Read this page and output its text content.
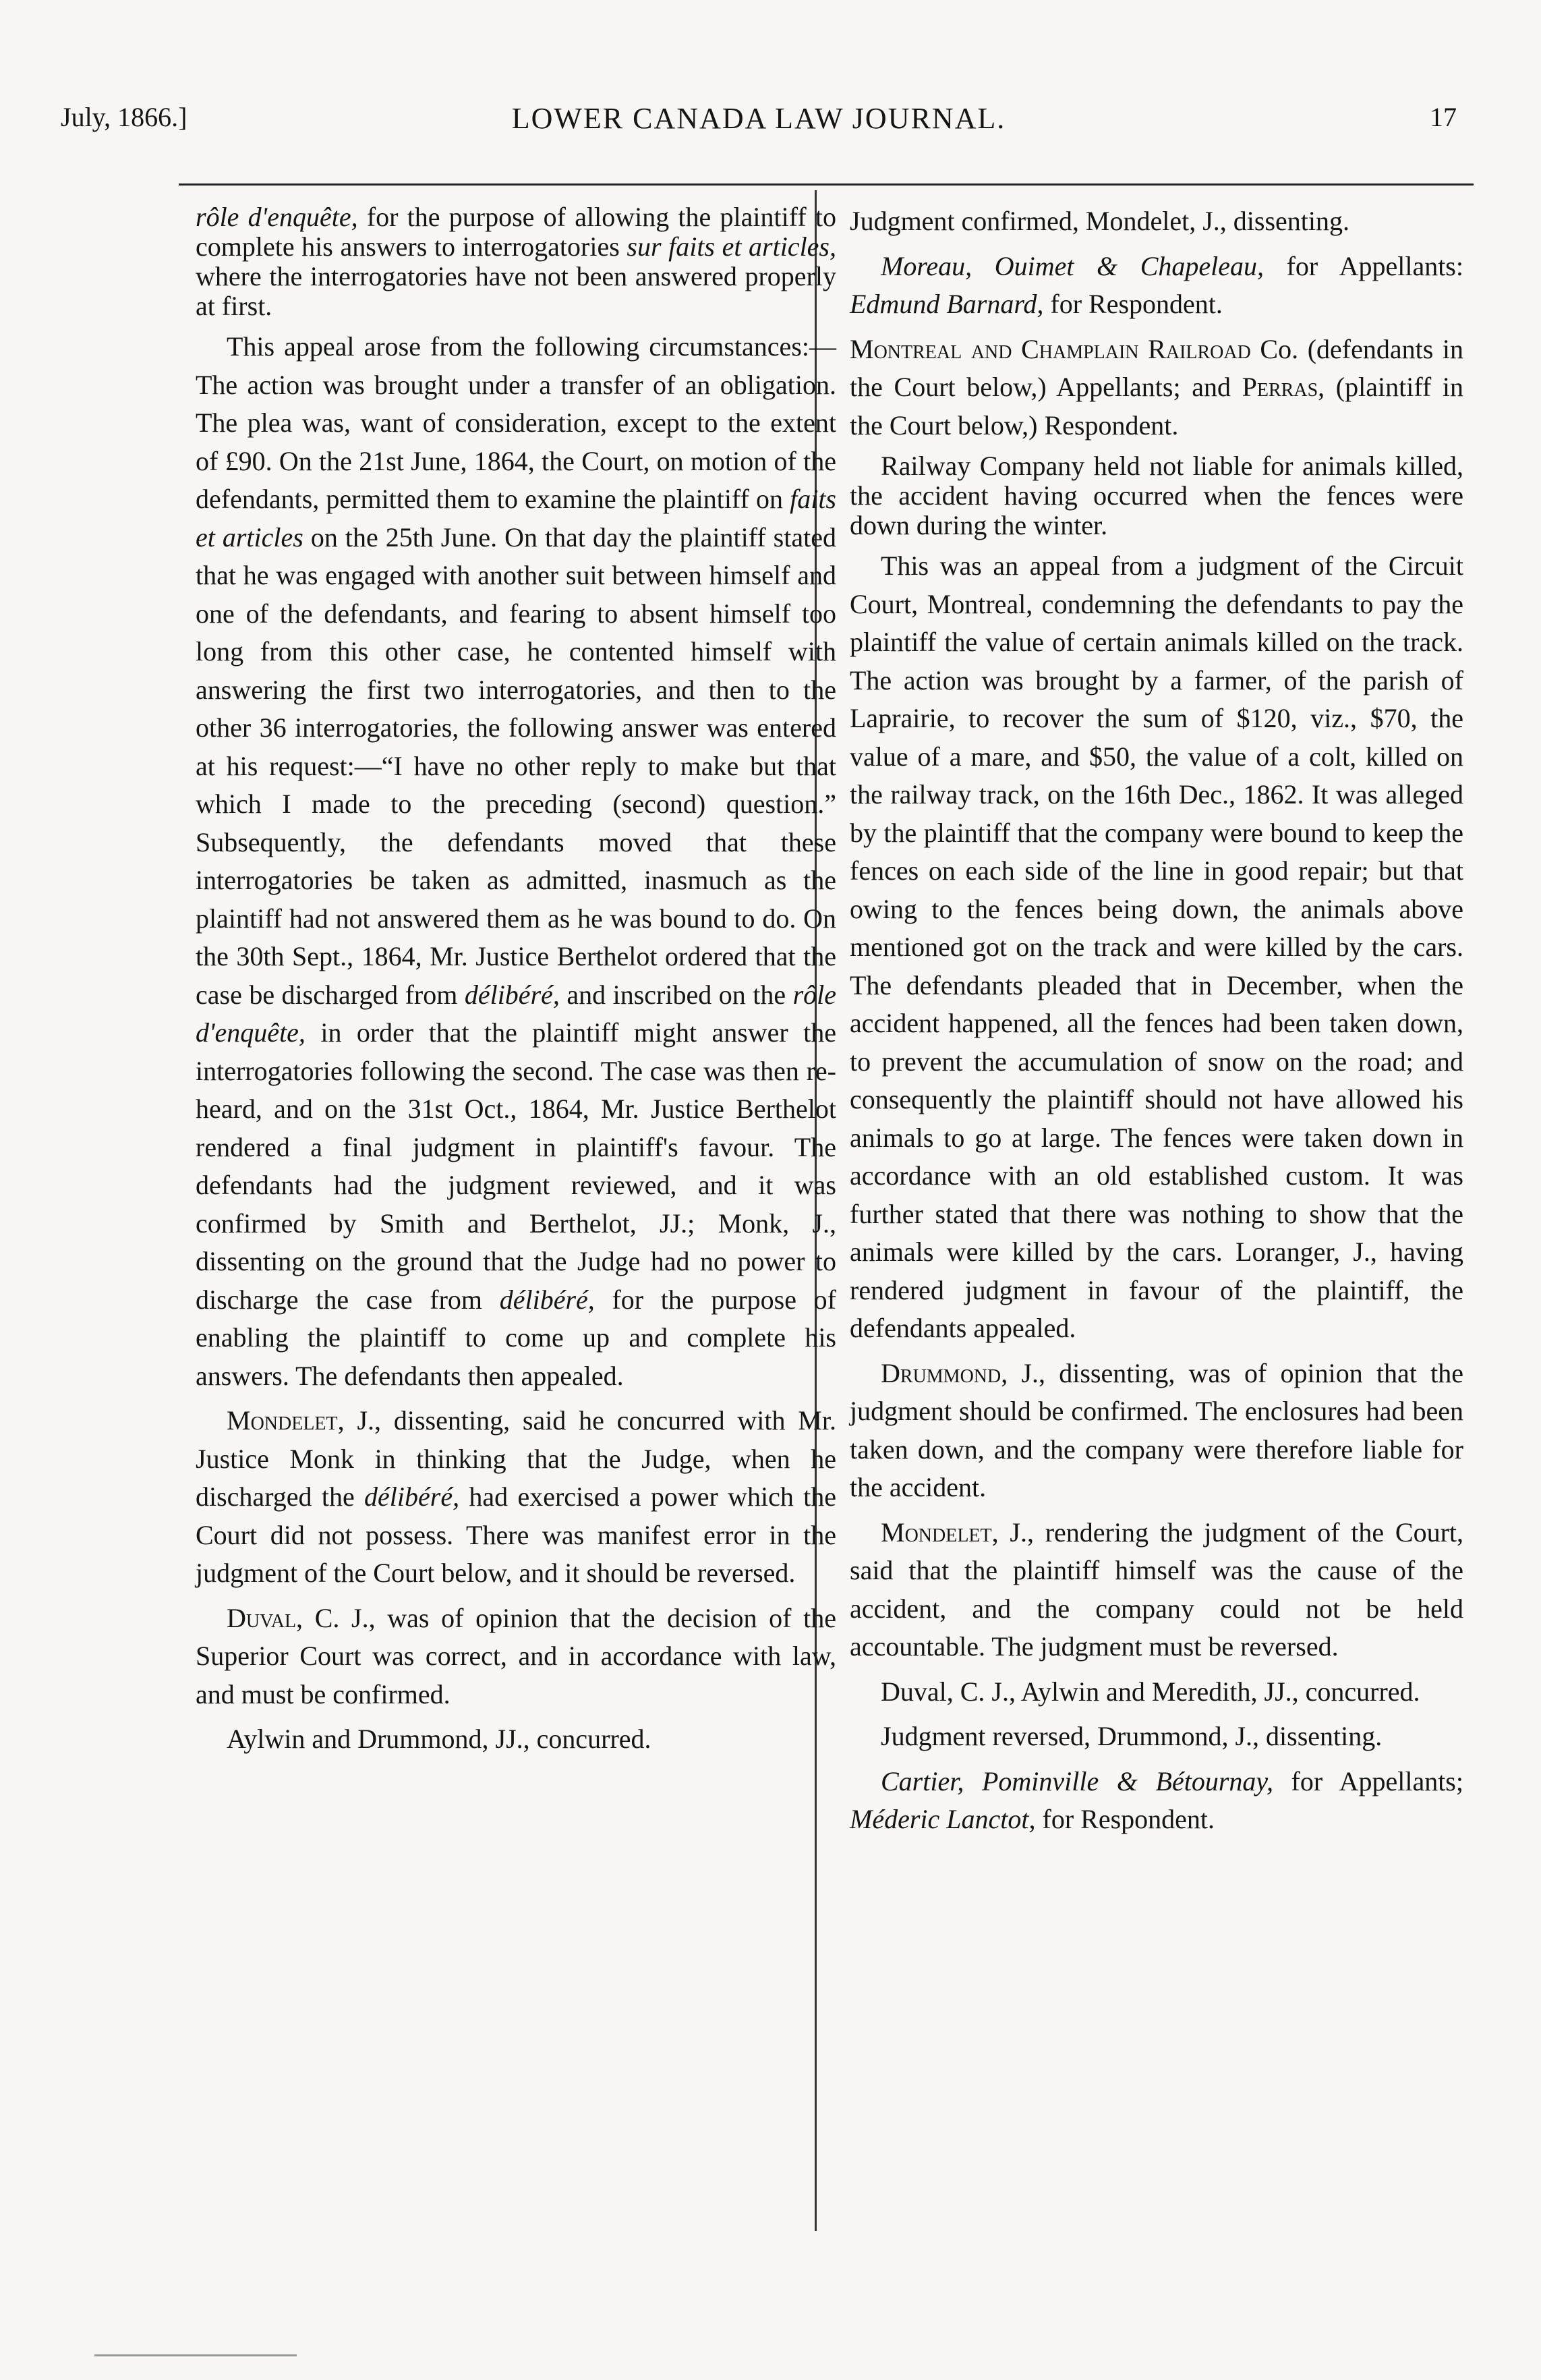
July, 1866.]	LOWER CANADA LAW JOURNAL.	17

rôle d'enquête, for the purpose of allowing the plaintiff to complete his answers to interrogatories sur faits et articles, where the interrogatories have not been answered properly at first.

This appeal arose from the following circumstances:—The action was brought under a transfer of an obligation. The plea was, want of consideration, except to the extent of £90. On the 21st June, 1864, the Court, on motion of the defendants, permitted them to examine the plaintiff on faits et articles on the 25th June. On that day the plaintiff stated that he was engaged with another suit between himself and one of the defendants, and fearing to absent himself too long from this other case, he contented himself with answering the first two interrogatories, and then to the other 36 interrogatories, the following answer was entered at his request:—“I have no other reply to make but that which I made to the preceding (second) question.” Subsequently, the defendants moved that these interrogatories be taken as admitted, inasmuch as the plaintiff had not answered them as he was bound to do. On the 30th Sept., 1864, Mr. Justice Berthelot ordered that the case be discharged from délibéré, and inscribed on the rôle d'enquête, in order that the plaintiff might answer the interrogatories following the second. The case was then re-heard, and on the 31st Oct., 1864, Mr. Justice Berthelot rendered a final judgment in plaintiff's favour. The defendants had the judgment reviewed, and it was confirmed by Smith and Berthelot, JJ.; Monk, J., dissenting on the ground that the Judge had no power to discharge the case from délibéré, for the purpose of enabling the plaintiff to come up and complete his answers. The defendants then appealed.

Mondelet, J., dissenting, said he concurred with Mr. Justice Monk in thinking that the Judge, when he discharged the délibéré, had exercised a power which the Court did not possess. There was manifest error in the judgment of the Court below, and it should be reversed.

Duval, C. J., was of opinion that the decision of the Superior Court was correct, and in accordance with law, and must be confirmed.

Aylwin and Drummond, JJ., concurred.

Judgment confirmed, Mondelet, J., dissenting.

Moreau, Ouimet & Chapeleau, for Appellants: Edmund Barnard, for Respondent.

Montreal and Champlain Railroad Co. (defendants in the Court below,) Appellants; and Perras, (plaintiff in the Court below,) Respondent.

Railway Company held not liable for animals killed, the accident having occurred when the fences were down during the winter.

This was an appeal from a judgment of the Circuit Court, Montreal, condemning the defendants to pay the plaintiff the value of certain animals killed on the track. The action was brought by a farmer, of the parish of Laprairie, to recover the sum of $120, viz., $70, the value of a mare, and $50, the value of a colt, killed on the railway track, on the 16th Dec., 1862. It was alleged by the plaintiff that the company were bound to keep the fences on each side of the line in good repair; but that owing to the fences being down, the animals above mentioned got on the track and were killed by the cars. The defendants pleaded that in December, when the accident happened, all the fences had been taken down, to prevent the accumulation of snow on the road; and consequently the plaintiff should not have allowed his animals to go at large. The fences were taken down in accordance with an old established custom. It was further stated that there was nothing to show that the animals were killed by the cars. Loranger, J., having rendered judgment in favour of the plaintiff, the defendants appealed.

Drummond, J., dissenting, was of opinion that the judgment should be confirmed. The enclosures had been taken down, and the company were therefore liable for the accident.

Mondelet, J., rendering the judgment of the Court, said that the plaintiff himself was the cause of the accident, and the company could not be held accountable. The judgment must be reversed.

Duval, C. J., Aylwin and Meredith, JJ., concurred.

Judgment reversed, Drummond, J., dissenting.

Cartier, Pominville & Bétournay, for Appellants; Méderic Lanctot, for Respondent.
